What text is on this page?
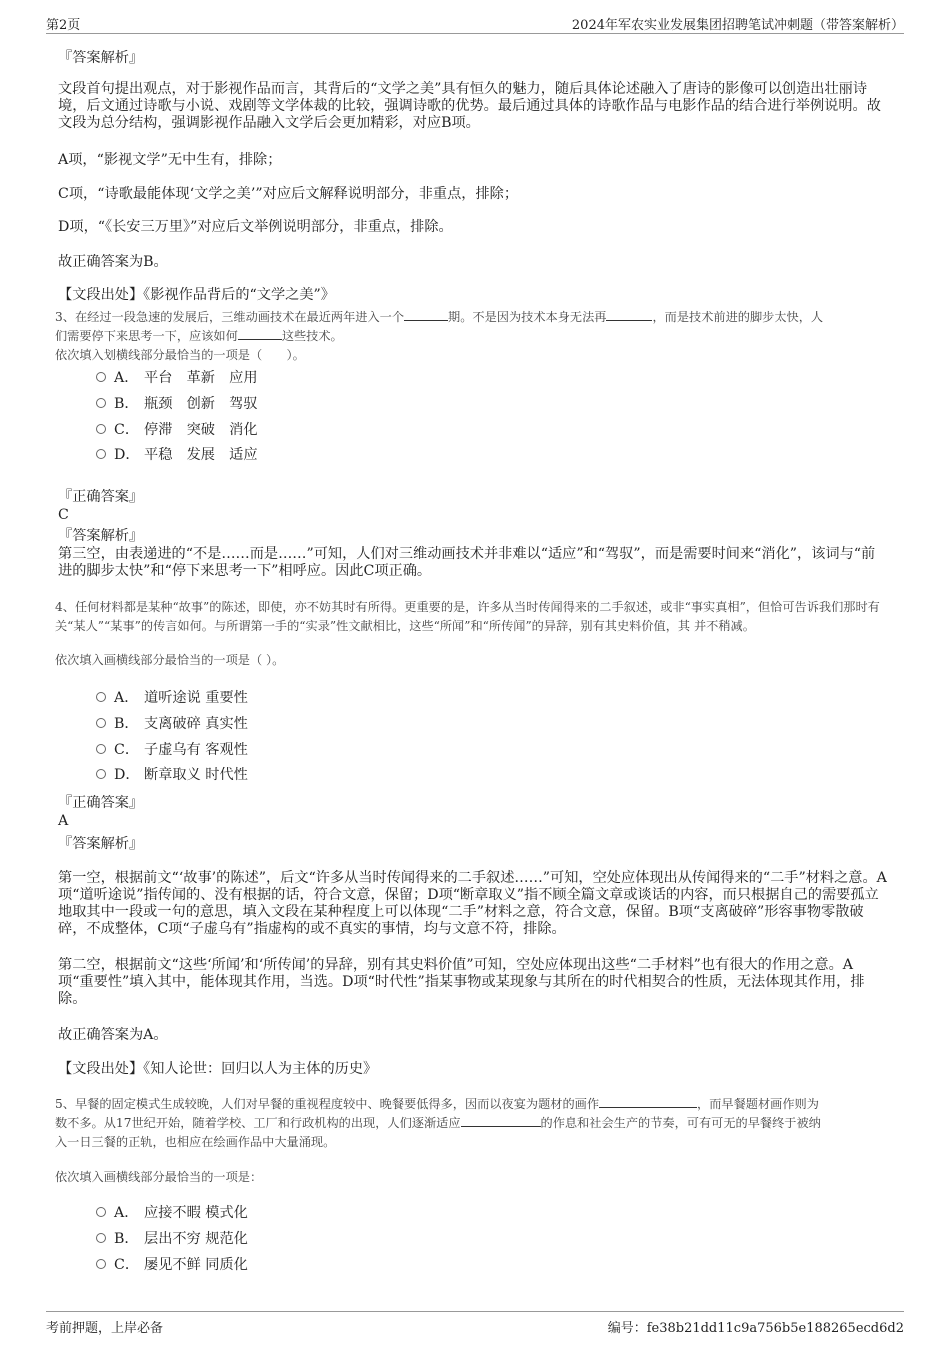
第2页	2024年军农实业发展集团招聘笔试冲刺题（带答案解析）

『答案解析』

文段首句提出观点，对于影视作品而言，其背后的“文学之美”具有恒久的魅力，随后具体论述融入了唐诗的影像可以创造出壮丽诗境，后文通过诗歌与小说、戏剧等文学体裁的比较，强调诗歌的优势。最后通过具体的诗歌作品与电影作品的结合进行举例说明。故文段为总分结构，强调影视作品融入文学后会更加精彩，对应B项。

A项，“影视文学”无中生有，排除；

C项，“诗歌最能体现‘文学之美’”对应后文解释说明部分，非重点，排除；

D项，“《长安三万里》”对应后文举例说明部分，非重点，排除。

故正确答案为B。

【文段出处】《影视作品背后的“文学之美”》

3、在经过一段急速的发展后，三维动画技术在最近两年进入一个	期。不是因为技术本身无法再	，而是技术前进的脚步太快，人
们需要停下来思考一下，应该如何	这些技术。

依次填入划横线部分最恰当的一项是（　　）。

A． 平台　革新　应用
B． 瓶颈　创新　驾驭
C． 停滞　突破　消化
D． 平稳　发展　适应

『正确答案』

C

『答案解析』

第三空，由表递进的“不是……而是……”可知，人们对三维动画技术并非难以“适应”和“驾驭”，而是需要时间来“消化”，该词与“前进的脚步太快”和“停下来思考一下”相呼应。因此C项正确。

4、任何材料都是某种“故事”的陈述，即使，亦不妨其时有所得。更重要的是，许多从当时传闻得来的二手叙述，或非“事实真相”，但恰可告诉我们那时有关“某人”“某事”的传言如何。与所谓第一手的“实录”性文献相比，这些“所闻”和“所传闻”的异辞，别有其史料价值，其 并不稍减。

依次填入画横线部分最恰当的一项是（ ）。

A． 道听途说 重要性
B． 支离破碎 真实性
C． 子虚乌有 客观性
D． 断章取义 时代性

『正确答案』

A

『答案解析』

第一空，根据前文“‘故事’的陈述”，后文“许多从当时传闻得来的二手叙述……”可知，空处应体现出从传闻得来的“二手”材料之意。A项“道听途说”指传闻的、没有根据的话，符合文意，保留；D项“断章取义”指不顾全篇文章或谈话的内容，而只根据自己的需要孤立地取其中一段或一句的意思，填入文段在某种程度上可以体现“二手”材料之意，符合文意，保留。B项“支离破碎”形容事物零散破碎，不成整体，C项“子虚乌有”指虚构的或不真实的事情，均与文意不符，排除。

第二空，根据前文“这些‘所闻’和‘所传闻’的异辞，别有其史料价值”可知，空处应体现出这些“二手材料”也有很大的作用之意。A项“重要性”填入其中，能体现其作用，当选。D项“时代性”指某事物或某现象与其所在的时代相契合的性质，无法体现其作用，排除。

故正确答案为A。

【文段出处】《知人论世：回归以人为主体的历史》

5、早餐的固定模式生成较晚，人们对早餐的重视程度较中、晚餐要低得多，因而以夜宴为题材的画作	，而早餐题材画作则为
数不多。从17世纪开始，随着学校、工厂和行政机构的出现，人们逐渐适应	的作息和社会生产的节奏，可有可无的早餐终于被纳
入一日三餐的正轨，也相应在绘画作品中大量涌现。

依次填入画横线部分最恰当的一项是：

A． 应接不暇 模式化
B． 层出不穷 规范化
C． 屡见不鲜 同质化
考前押题，上岸必备	编号：fe38b21dd11c9a756b5e188265ecd6d2
